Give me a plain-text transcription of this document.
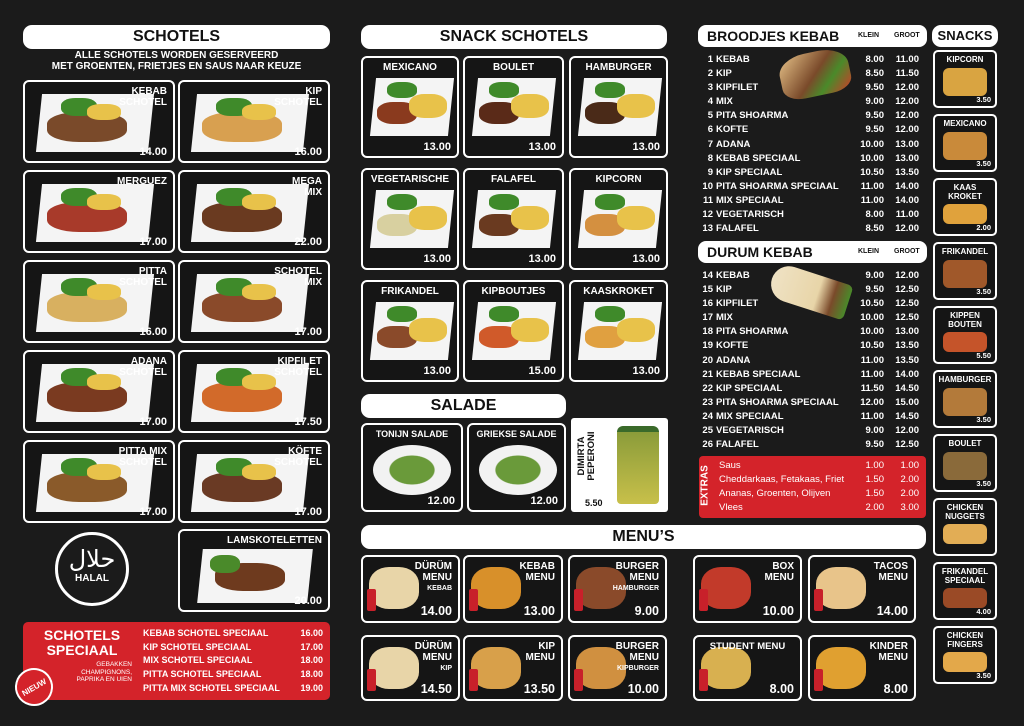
SCHOTELS
ALLE SCHOTELS WORDEN GESERVEERD
MET GROENTEN, FRIETJES EN SAUS NAAR KEUZE
KEBAB
SCHOTEL
14.00
KIP
SCHOTEL
16.00
MERGUEZ
17.00
MEGA
MIX
22.00
PITTA
SCHOTEL
16.00
SCHOTEL
MIX
17.00
ADANA
SCHOTEL
17.00
KIPFILET
SCHOTEL
17.50
PITTA MIX
SCHOTEL
17.00
KÖFTE
SCHOTEL
17.00
LAMSKOTELETTEN
20.00
حلال
HALAL
SCHOTELS
SPECIAAL
GEBAKKEN
CHAMPIGNONS,
PAPRIKA EN UIEN
NIEUW
KEBAB SCHOTEL SPECIAAL	16.00
KIP SCHOTEL SPECIAAL	17.00
MIX SCHOTEL SPECIAAL	18.00
PITTA SCHOTEL SPECIAAL	18.00
PITTA MIX SCHOTEL SPECIAAL	19.00
SNACK SCHOTELS
MEXICANO
13.00
BOULET
13.00
HAMBURGER
13.00
VEGETARISCHE
13.00
FALAFEL
13.00
KIPCORN
13.00
FRIKANDEL
13.00
KIPBOUTJES
15.00
KAASKROKET
13.00
SALADE
TONIJN SALADE
12.00
GRIEKSE SALADE
12.00
DIMIRTA PEPERONI
5.50
MENU’S
DÜRÜM
MENU
KEBAB
14.00
KEBAB
MENU
13.00
BURGER
MENU
HAMBURGER
9.00
BOX
MENU
10.00
TACOS
MENU
14.00
DÜRÜM
MENU
KIP
14.50
KIP
MENU
13.50
BURGER
MENU
KIPBURGER
10.00
STUDENT MENU
8.00
KINDER
MENU
8.00
BROODJES KEBAB	KLEIN GROOT
1 KEBAB	8.00	11.00
2 KIP	8.50	11.50
3 KIPFILET	9.50	12.00
4 MIX	9.00	12.00
5 PITA SHOARMA	9.50	12.00
6 KOFTE	9.50	12.00
7 ADANA	10.00	13.00
8 KEBAB SPECIAAL	10.00	13.00
9 KIP SPECIAAL	10.50	13.50
10 PITA SHOARMA SPECIAAL	11.00	14.00
11 MIX SPECIAAL	11.00	14.00
12 VEGETARISCH	8.00	11.00
13 FALAFEL	8.50	12.00
DURUM KEBAB	KLEIN GROOT
14 KEBAB	9.00	12.00
15 KIP	9.50	12.50
16 KIPFILET	10.50	12.50
17 MIX	10.00	12.50
18 PITA SHOARMA	10.00	13.00
19 KOFTE	10.50	13.50
20 ADANA	11.00	13.50
21 KEBAB SPECIAAL	11.00	14.00
22 KIP SPECIAAL	11.50	14.50
23 PITA SHOARMA SPECIAAL	12.00	15.00
24 MIX SPECIAAL	11.00	14.50
25 VEGETARISCH	9.00	12.00
26 FALAFEL	9.50	12.50
EXTRAS Saus	1.00	1.00
Cheddarkaas, Fetakaas, Friet	1.50	2.00
Ananas, Groenten, Olijven	1.50	2.00
Vlees	2.00	3.00
SNACKS
KIPCORN
3.50
MEXICANO
3.50
KAAS
KROKET
2.00
FRIKANDEL
3.50
KIPPEN
BOUTEN
5.50
HAMBURGER
3.50
BOULET
3.50
CHICKEN
NUGGETS
FRIKANDEL
SPECIAAL
4.00
CHICKEN
FINGERS
3.50
